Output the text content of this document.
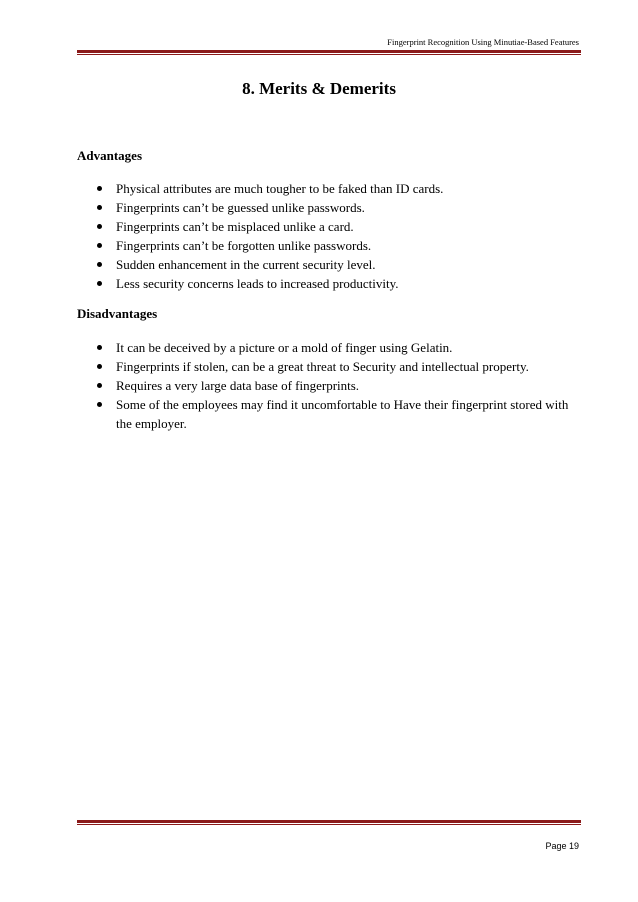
Fingerprint Recognition Using Minutiae-Based Features
8. Merits & Demerits
Advantages
Physical attributes are much tougher to be faked than ID cards.
Fingerprints can’t be guessed unlike passwords.
Fingerprints can’t be misplaced unlike a card.
Fingerprints can’t be forgotten unlike passwords.
Sudden enhancement in the current security level.
Less security concerns leads to increased productivity.
Disadvantages
It can be deceived by a picture or a mold of finger using Gelatin.
Fingerprints if stolen, can be a great threat to Security and intellectual property.
Requires a very large data base of fingerprints.
Some of the employees may find it uncomfortable to Have their fingerprint stored with the employer.
Page 19
